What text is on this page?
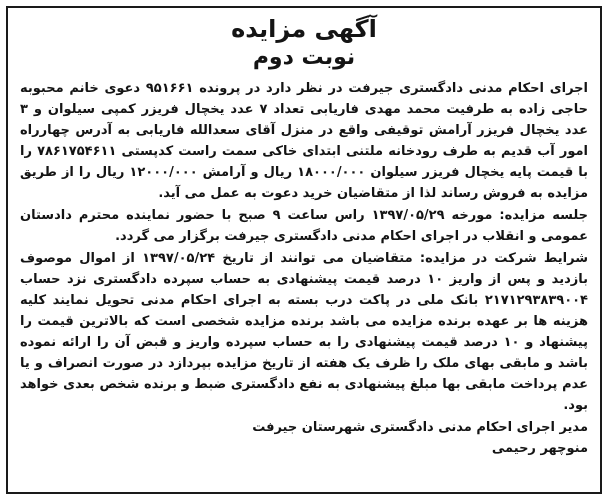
آگهی مزایده
نوبت دوم

اجرای احکام مدنی دادگستری جیرفت در نظر دارد در پرونده ۹۵۱۶۶۱ دعوی خانم محبوبه حاجی زاده به طرفیت محمد مهدی فاریابی تعداد ۷ عدد یخچال فریزر کمپی سیلوان و ۳ عدد یخچال فریزر آرامش توقیفی واقع در منزل آقای سعدالله فاریابی به آدرس چهارراه امور آب قدیم به طرف رودخانه ملتنی ابتدای خاکی سمت راست کدپستی ۷۸۶۱۷۵۴۶۱۱ را با قیمت پایه یخچال فریزر سیلوان ۱۸۰۰۰/۰۰۰ ریال و آرامش ۱۲۰۰۰/۰۰۰ ریال را از طریق مزایده به فروش رساند لذا از متقاضیان خرید دعوت به عمل می آید.

جلسه مزایده: مورخه ۱۳۹۷/۰۵/۲۹ راس ساعت ۹ صبح با حضور نماینده محترم دادستان عمومی و انقلاب در اجرای احکام مدنی دادگستری جیرفت برگزار می گردد.

شرایط شرکت در مزایده: متقاضیان می توانند از تاریخ ۱۳۹۷/۰۵/۲۴ از اموال موصوف بازدید و پس از واریز ۱۰ درصد قیمت پیشنهادی به حساب سپرده دادگستری نزد حساب ۲۱۷۱۲۹۳۸۳۹۰۰۴ بانک ملی در پاکت درب بسته به اجرای احکام مدنی تحویل نمایند کلیه هزینه ها بر عهده برنده مزایده می باشد برنده مزایده شخصی است که بالاترین قیمت را پیشنهاد و ۱۰ درصد قیمت پیشنهادی را به حساب سپرده واریز و قبض آن را ارائه نموده باشد و مابقی بهای ملک را ظرف یک هفته از تاریخ مزایده بپردازد در صورت انصراف و یا عدم پرداخت مابقی بها مبلغ پیشنهادی به نفع دادگستری ضبط و برنده شخص بعدی خواهد بود.

مدیر اجرای احکام مدنی دادگستری شهرستان جیرفت

منوچهر رحیمی
